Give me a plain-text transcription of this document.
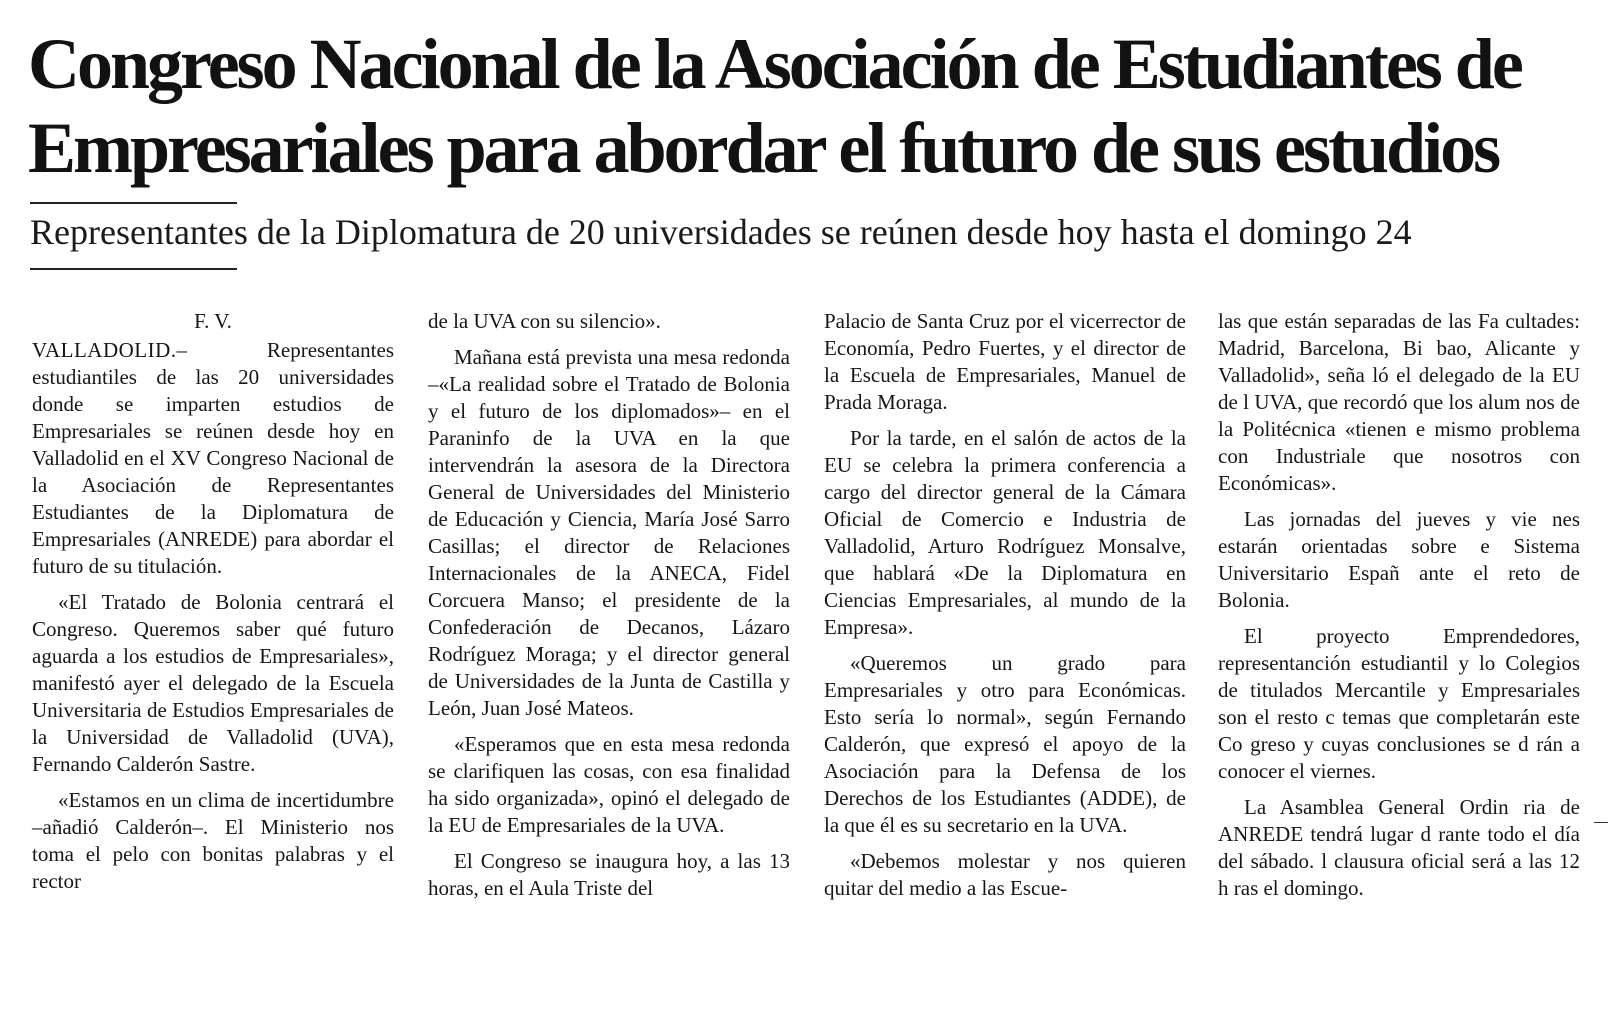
Congreso Nacional de la Asociación de Estudiantes de
Empresariales para abordar el futuro de sus estudios
Representantes de la Diplomatura de 20 universidades se reúnen desde hoy hasta el domingo 24
F. V.

VALLADOLID.– Representantes estudiantiles de las 20 universidades donde se imparten estudios de Empresariales se reúnen desde hoy en Valladolid en el XV Congreso Nacional de la Asociación de Representantes Estudiantes de la Diplomatura de Empresariales (ANREDE) para abordar el futuro de su titulación.

«El Tratado de Bolonia centrará el Congreso. Queremos saber qué futuro aguarda a los estudios de Empresariales», manifestó ayer el delegado de la Escuela Universitaria de Estudios Empresariales de la Universidad de Valladolid (UVA), Fernando Calderón Sastre.

«Estamos en un clima de incertidumbre –añadió Calderón–. El Ministerio nos toma el pelo con bonitas palabras y el rector

de la UVA con su silencio».

Mañana está prevista una mesa redonda –«La realidad sobre el Tratado de Bolonia y el futuro de los diplomados»– en el Paraninfo de la UVA en la que intervendrán la asesora de la Directora General de Universidades del Ministerio de Educación y Ciencia, María José Sarro Casillas; el director de Relaciones Internacionales de la ANECA, Fidel Corcuera Manso; el presidente de la Confederación de Decanos, Lázaro Rodríguez Moraga; y el director general de Universidades de la Junta de Castilla y León, Juan José Mateos.

«Esperamos que en esta mesa redonda se clarifiquen las cosas, con esa finalidad ha sido organizada», opinó el delegado de la EU de Empresariales de la UVA.

El Congreso se inaugura hoy, a las 13 horas, en el Aula Triste del

Palacio de Santa Cruz por el vicerrector de Economía, Pedro Fuertes, y el director de la Escuela de Empresariales, Manuel de Prada Moraga.

Por la tarde, en el salón de actos de la EU se celebra la primera conferencia a cargo del director general de la Cámara Oficial de Comercio e Industria de Valladolid, Arturo Rodríguez Monsalve, que hablará «De la Diplomatura en Ciencias Empresariales, al mundo de la Empresa».

«Queremos un grado para Empresariales y otro para Económicas. Esto sería lo normal», según Fernando Calderón, que expresó el apoyo de la Asociación para la Defensa de los Derechos de los Estudiantes (ADDE), de la que él es su secretario en la UVA.

«Debemos molestar y nos quieren quitar del medio a las Escue-

las que están separadas de las Fa cultades: Madrid, Barcelona, Bi bao, Alicante y Valladolid», seña ló el delegado de la EU de l UVA, que recordó que los alum nos de la Politécnica «tienen e mismo problema con Industriale que nosotros con Económicas».

Las jornadas del jueves y vie nes estarán orientadas sobre e Sistema Universitario Españ ante el reto de Bolonia.

El proyecto Emprendedores, representanción estudiantil y lo Colegios de titulados Mercantile y Empresariales son el resto c temas que completarán este Co greso y cuyas conclusiones se d rán a conocer el viernes.

La Asamblea General Ordin ria de ANREDE tendrá lugar d rante todo el día del sábado. l clausura oficial será a las 12 h ras el domingo.
